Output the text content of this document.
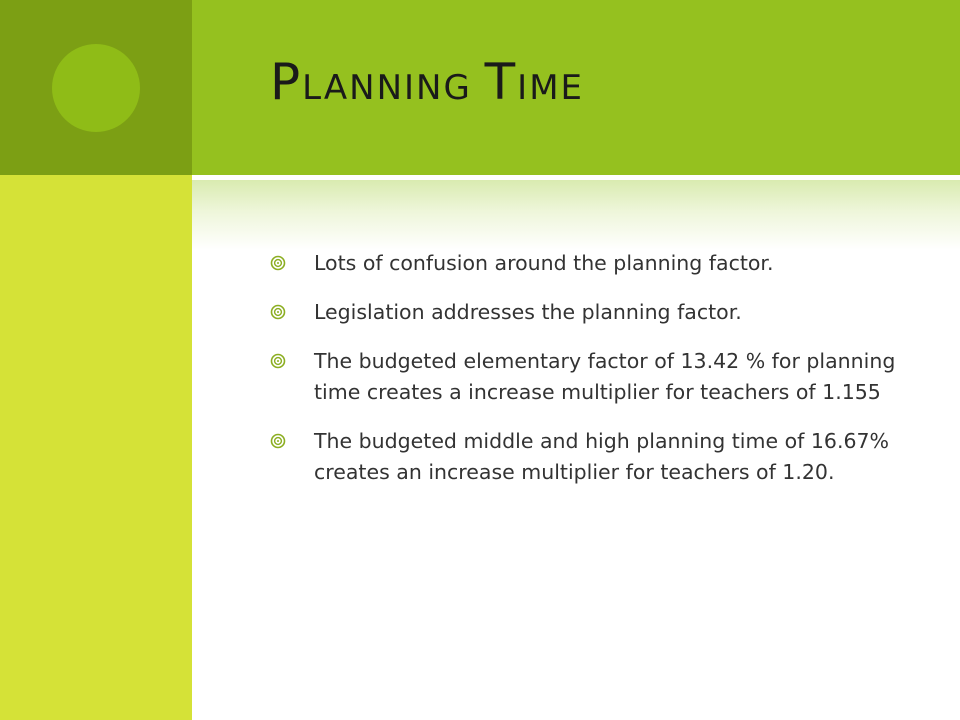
PLANNING TIME
Lots of confusion around the planning factor.
Legislation addresses the planning factor.
The budgeted elementary factor of 13.42 % for planning time creates a increase multiplier for teachers of 1.155
The budgeted middle and high planning time of 16.67% creates an increase multiplier for teachers of 1.20.
